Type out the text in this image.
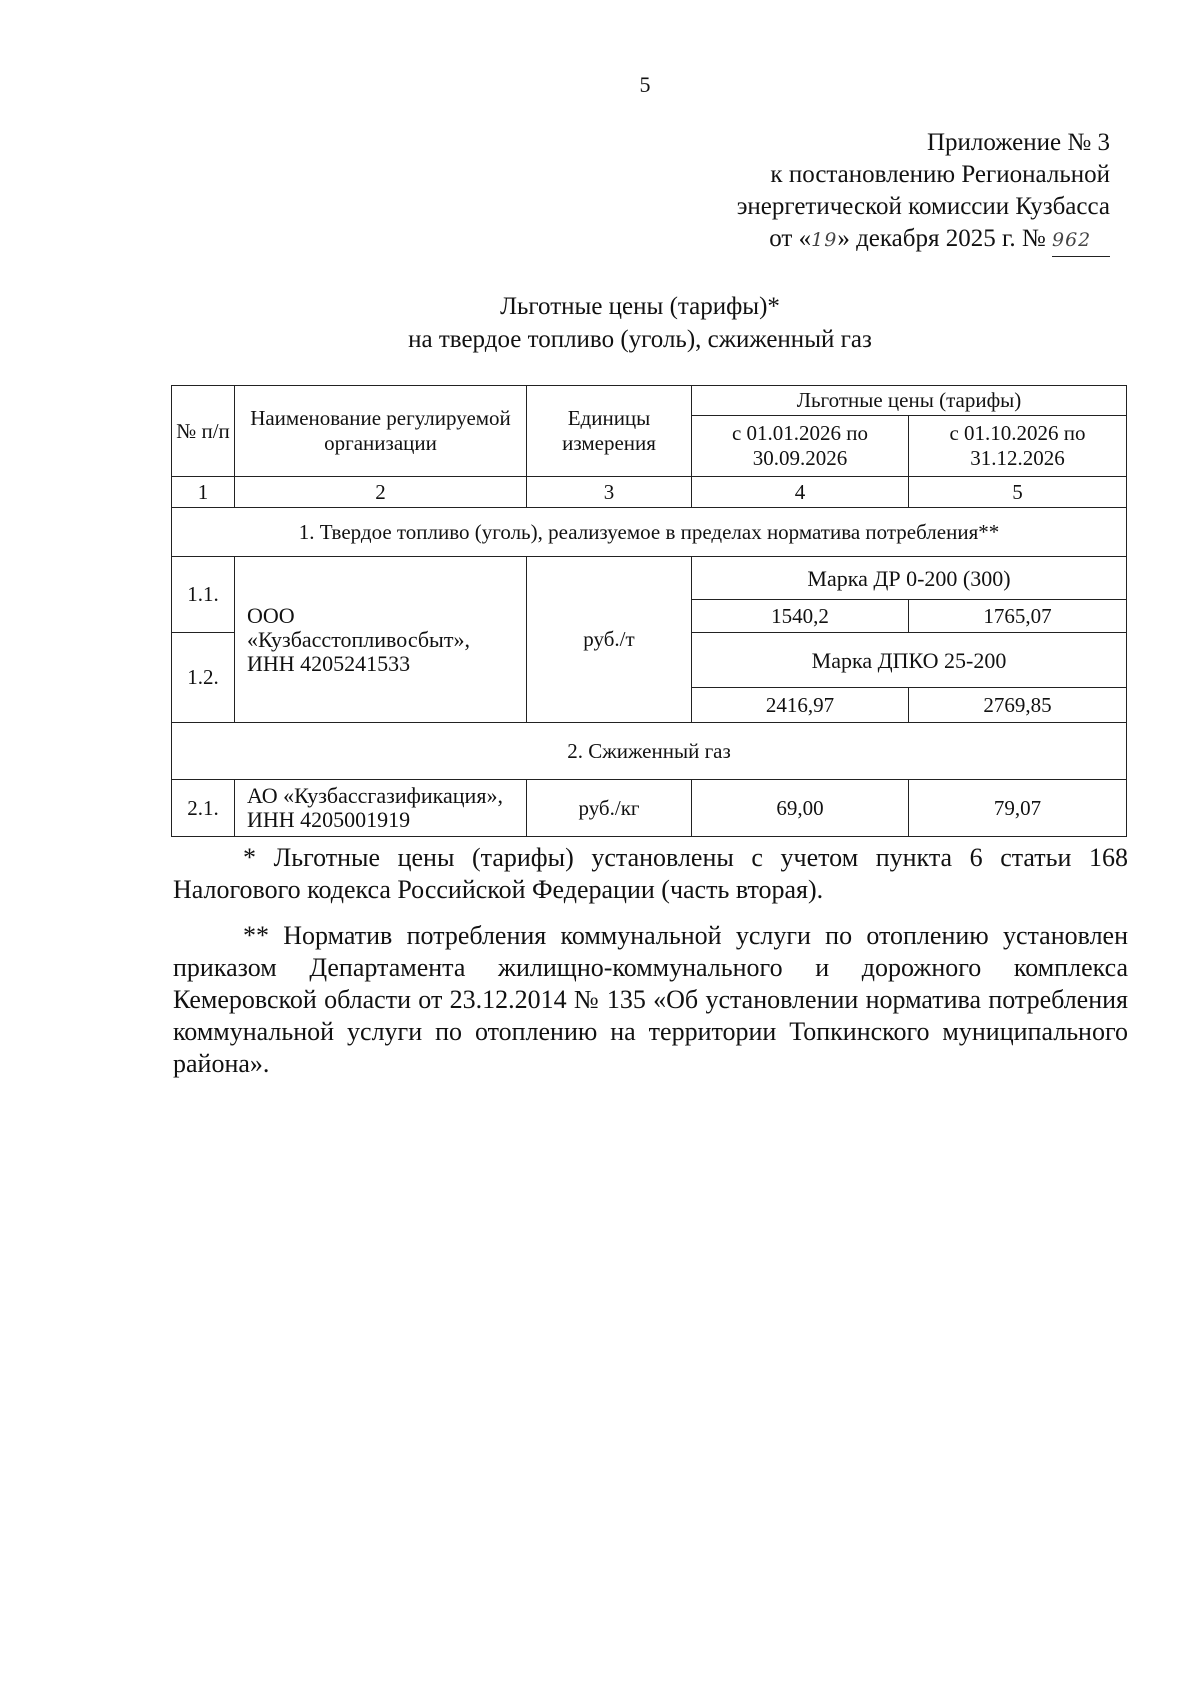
5
Приложение № 3
к постановлению Региональной
энергетической комиссии Кузбасса
от «19» декабря 2025 г. № 962
Льготные цены (тарифы)*
на твердое топливо (уголь), сжиженный газ
№ п/п	Наименование регулируемой организации	Единицы измерения	Льготные цены (тарифы)	
			с 01.01.2026 по 30.09.2026	с 01.10.2026 по 31.12.2026
1	2	3	4	5
1. Твердое топливо (уголь), реализуемое в пределах норматива потребления**				
1.1.	ООО «Кузбасстопливосбыт», ИНН 4205241533	руб./т	Марка ДР 0-200 (300)	
			1540,2	1765,07
1.2.			Марка ДПКО 25-200	
			2416,97	2769,85
2. Сжиженный газ				
2.1.	АО «Кузбассгазификация», ИНН 4205001919	руб./кг	69,00	79,07

* Льготные цены (тарифы) установлены с учетом пункта 6 статьи 168 Налогового кодекса Российской Федерации (часть вторая).

** Норматив потребления коммунальной услуги по отоплению установлен приказом Департамента жилищно-коммунального и дорожного комплекса Кемеровской области от 23.12.2014 № 135 «Об установлении норматива потребления коммунальной услуги по отоплению на территории Топкинского муниципального района».
